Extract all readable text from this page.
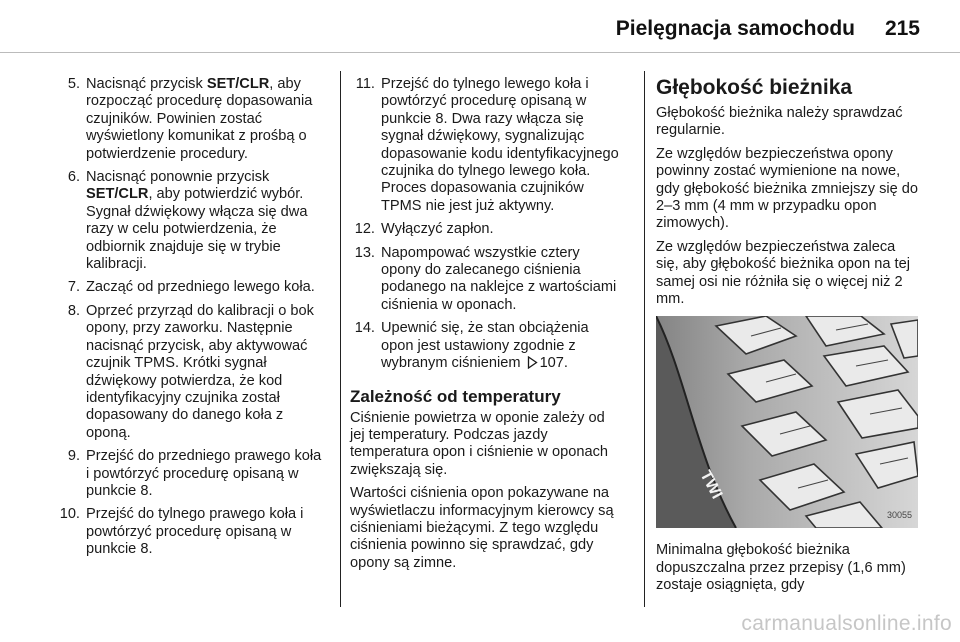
Pielęgnacja samochodu 215
5. Nacisnąć przycisk SET/CLR, aby rozpocząć procedurę dopasowania czujników. Powinien zostać wyświetlony komunikat z prośbą o potwierdzenie procedury.
6. Nacisnąć ponownie przycisk SET/CLR, aby potwierdzić wybór. Sygnał dźwiękowy włącza się dwa razy w celu potwierdzenia, że odbiornik znajduje się w trybie kalibracji.
7. Zacząć od przedniego lewego koła.
8. Oprzeć przyrząd do kalibracji o bok opony, przy zaworku. Następnie nacisnąć przycisk, aby aktywować czujnik TPMS. Krótki sygnał dźwiękowy potwierdza, że kod identyfikacyjny czujnika został dopasowany do danego koła z oponą.
9. Przejść do przedniego prawego koła i powtórzyć procedurę opisaną w punkcie 8.
10. Przejść do tylnego prawego koła i powtórzyć procedurę opisaną w punkcie 8.
11. Przejść do tylnego lewego koła i powtórzyć procedurę opisaną w punkcie 8. Dwa razy włącza się sygnał dźwiękowy, sygnalizując dopasowanie kodu identyfikacyjnego czujnika do tylnego lewego koła. Proces dopasowania czujników TPMS nie jest już aktywny.
12. Wyłączyć zapłon.
13. Napompować wszystkie cztery opony do zalecanego ciśnienia podanego na naklejce z wartościami ciśnienia w oponach.
14. Upewnić się, że stan obciążenia opon jest ustawiony zgodnie z wybranym ciśnieniem 107.
Zależność od temperatury

Ciśnienie powietrza w oponie zależy od jej temperatury. Podczas jazdy temperatura opon i ciśnienie w oponach zwiększają się.

Wartości ciśnienia opon pokazywane na wyświetlaczu informacyjnym kierowcy są ciśnieniami bieżącymi. Z tego względu ciśnienia powinno się sprawdzać, gdy opony są zimne.

Głębokość bieżnika

Głębokość bieżnika należy sprawdzać regularnie.

Ze względów bezpieczeństwa opony powinny zostać wymienione na nowe, gdy głębokość bieżnika zmniejszy się do 2–3 mm (4 mm w przypadku opon zimowych).

Ze względów bezpieczeństwa zaleca się, aby głębokość bieżnika opon na tej samej osi nie różniła się o więcej niż 2 mm.

TWI
30055

Minimalna głębokość bieżnika dopuszczalna przez przepisy (1,6 mm) zostaje osiągnięta, gdy

carmanualsonline.info
